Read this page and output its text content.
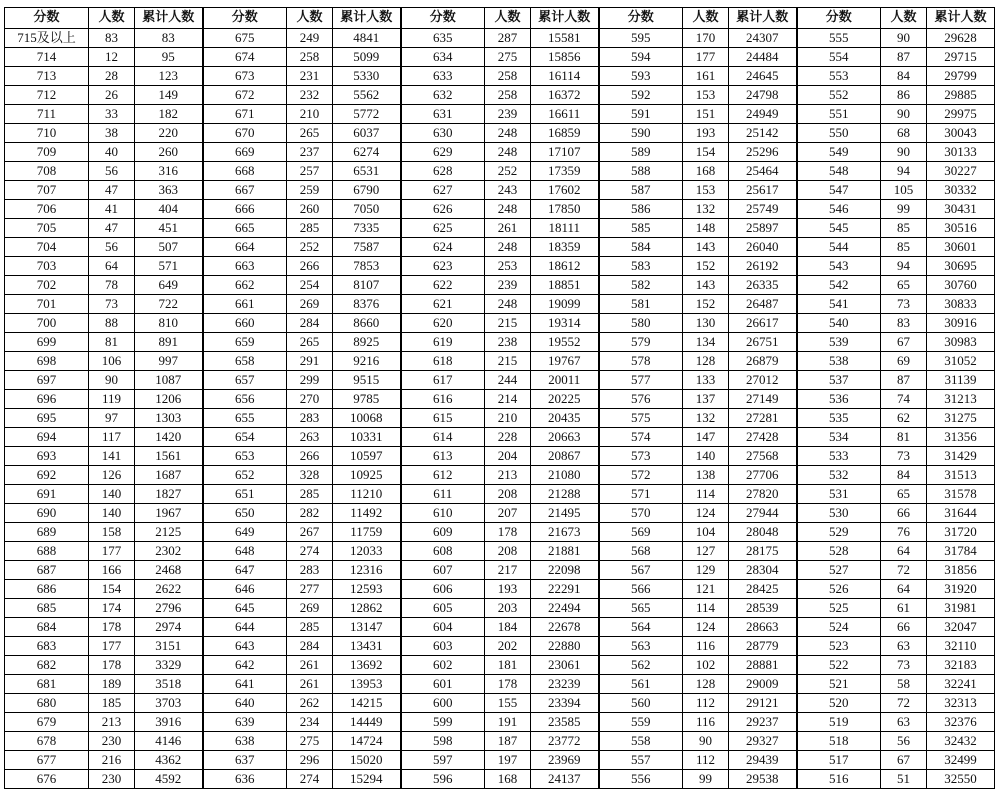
分数	人数	累计人数	分数	人数	累计人数	分数	人数	累计人数	分数	人数	累计人数	分数	人数	累计人数
715及以上	83	83	675	249	4841	635	287	15581	595	170	24307	555	90	29628
714	12	95	674	258	5099	634	275	15856	594	177	24484	554	87	29715
713	28	123	673	231	5330	633	258	16114	593	161	24645	553	84	29799
712	26	149	672	232	5562	632	258	16372	592	153	24798	552	86	29885
711	33	182	671	210	5772	631	239	16611	591	151	24949	551	90	29975
710	38	220	670	265	6037	630	248	16859	590	193	25142	550	68	30043
709	40	260	669	237	6274	629	248	17107	589	154	25296	549	90	30133
708	56	316	668	257	6531	628	252	17359	588	168	25464	548	94	30227
707	47	363	667	259	6790	627	243	17602	587	153	25617	547	105	30332
706	41	404	666	260	7050	626	248	17850	586	132	25749	546	99	30431
705	47	451	665	285	7335	625	261	18111	585	148	25897	545	85	30516
704	56	507	664	252	7587	624	248	18359	584	143	26040	544	85	30601
703	64	571	663	266	7853	623	253	18612	583	152	26192	543	94	30695
702	78	649	662	254	8107	622	239	18851	582	143	26335	542	65	30760
701	73	722	661	269	8376	621	248	19099	581	152	26487	541	73	30833
700	88	810	660	284	8660	620	215	19314	580	130	26617	540	83	30916
699	81	891	659	265	8925	619	238	19552	579	134	26751	539	67	30983
698	106	997	658	291	9216	618	215	19767	578	128	26879	538	69	31052
697	90	1087	657	299	9515	617	244	20011	577	133	27012	537	87	31139
696	119	1206	656	270	9785	616	214	20225	576	137	27149	536	74	31213
695	97	1303	655	283	10068	615	210	20435	575	132	27281	535	62	31275
694	117	1420	654	263	10331	614	228	20663	574	147	27428	534	81	31356
693	141	1561	653	266	10597	613	204	20867	573	140	27568	533	73	31429
692	126	1687	652	328	10925	612	213	21080	572	138	27706	532	84	31513
691	140	1827	651	285	11210	611	208	21288	571	114	27820	531	65	31578
690	140	1967	650	282	11492	610	207	21495	570	124	27944	530	66	31644
689	158	2125	649	267	11759	609	178	21673	569	104	28048	529	76	31720
688	177	2302	648	274	12033	608	208	21881	568	127	28175	528	64	31784
687	166	2468	647	283	12316	607	217	22098	567	129	28304	527	72	31856
686	154	2622	646	277	12593	606	193	22291	566	121	28425	526	64	31920
685	174	2796	645	269	12862	605	203	22494	565	114	28539	525	61	31981
684	178	2974	644	285	13147	604	184	22678	564	124	28663	524	66	32047
683	177	3151	643	284	13431	603	202	22880	563	116	28779	523	63	32110
682	178	3329	642	261	13692	602	181	23061	562	102	28881	522	73	32183
681	189	3518	641	261	13953	601	178	23239	561	128	29009	521	58	32241
680	185	3703	640	262	14215	600	155	23394	560	112	29121	520	72	32313
679	213	3916	639	234	14449	599	191	23585	559	116	29237	519	63	32376
678	230	4146	638	275	14724	598	187	23772	558	90	29327	518	56	32432
677	216	4362	637	296	15020	597	197	23969	557	112	29439	517	67	32499
676	230	4592	636	274	15294	596	168	24137	556	99	29538	516	51	32550
